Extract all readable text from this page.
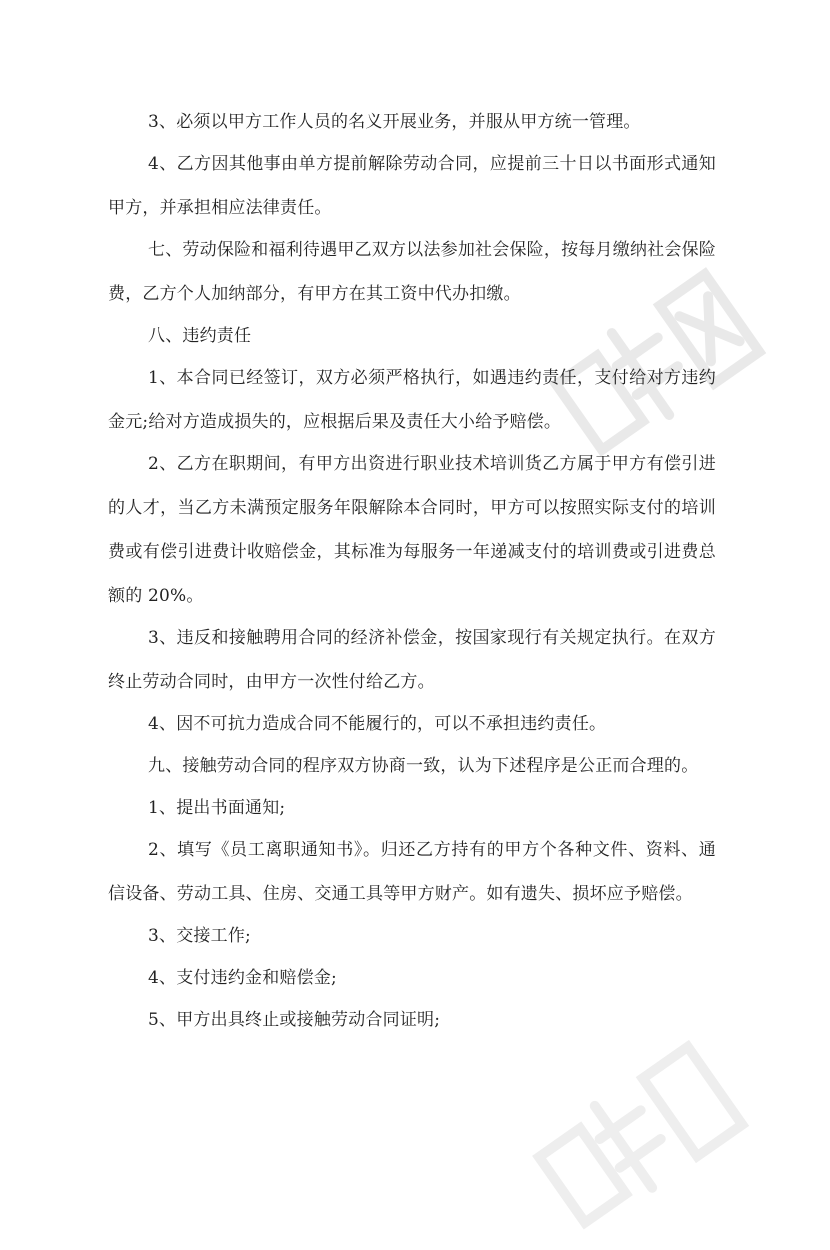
3、必须以甲方工作人员的名义开展业务，并服从甲方统一管理。

4、乙方因其他事由单方提前解除劳动合同，应提前三十日以书面形式通知甲方，并承担相应法律责任。

七、劳动保险和福利待遇甲乙双方以法参加社会保险，按每月缴纳社会保险费，乙方个人加纳部分，有甲方在其工资中代办扣缴。

八、违约责任

1、本合同已经签订，双方必须严格执行，如遇违约责任，支付给对方违约金元;给对方造成损失的，应根据后果及责任大小给予赔偿。

2、乙方在职期间，有甲方出资进行职业技术培训货乙方属于甲方有偿引进的人才，当乙方未满预定服务年限解除本合同时，甲方可以按照实际支付的培训费或有偿引进费计收赔偿金，其标准为每服务一年递减支付的培训费或引进费总额的 20%。

3、违反和接触聘用合同的经济补偿金，按国家现行有关规定执行。在双方终止劳动合同时，由甲方一次性付给乙方。

4、因不可抗力造成合同不能履行的，可以不承担违约责任。

九、接触劳动合同的程序双方协商一致，认为下述程序是公正而合理的。

1、提出书面通知;

2、填写《员工离职通知书》。归还乙方持有的甲方个各种文件、资料、通信设备、劳动工具、住房、交通工具等甲方财产。如有遗失、损坏应予赔偿。

3、交接工作;

4、支付违约金和赔偿金;

5、甲方出具终止或接触劳动合同证明;
